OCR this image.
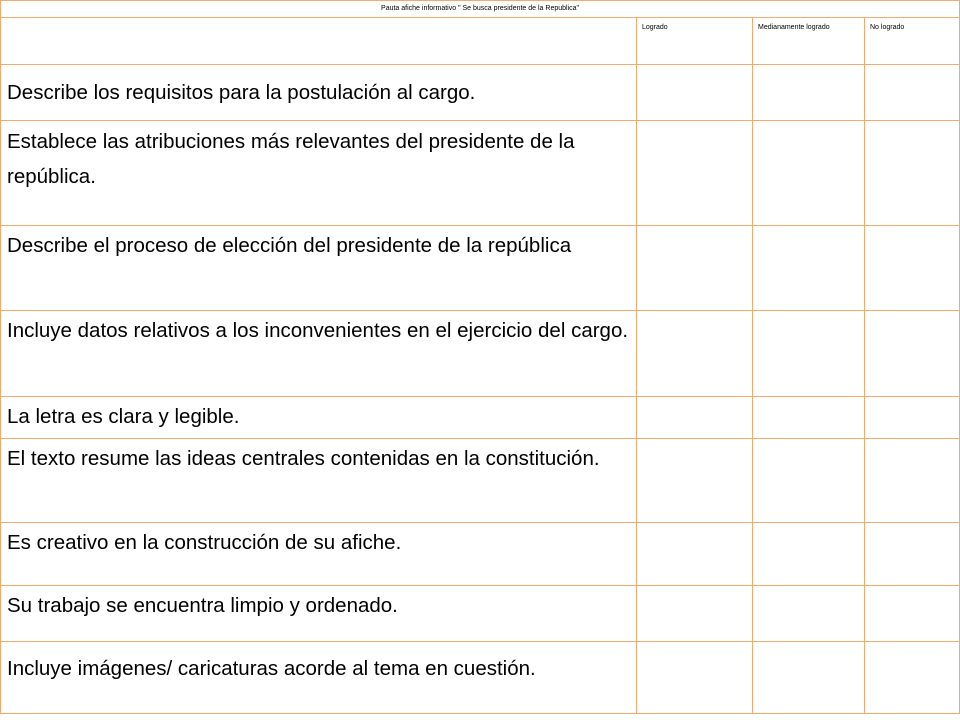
Pauta afiche informativo " Se busca presidente de la Republica"			
	Logrado	Medianamente logrado	No logrado
Describe los requisitos para la postulación al cargo.			
Establece las atribuciones más relevantes del presidente de la república.			
Describe el proceso de elección del presidente de la república			
Incluye datos relativos a los inconvenientes en el ejercicio del cargo.			
La letra es clara y legible.			
El texto resume las ideas centrales contenidas en la constitución.			
Es creativo en la construcción de su afiche.			
Su trabajo se encuentra limpio y ordenado.			
Incluye imágenes/ caricaturas acorde al tema en cuestión.			
